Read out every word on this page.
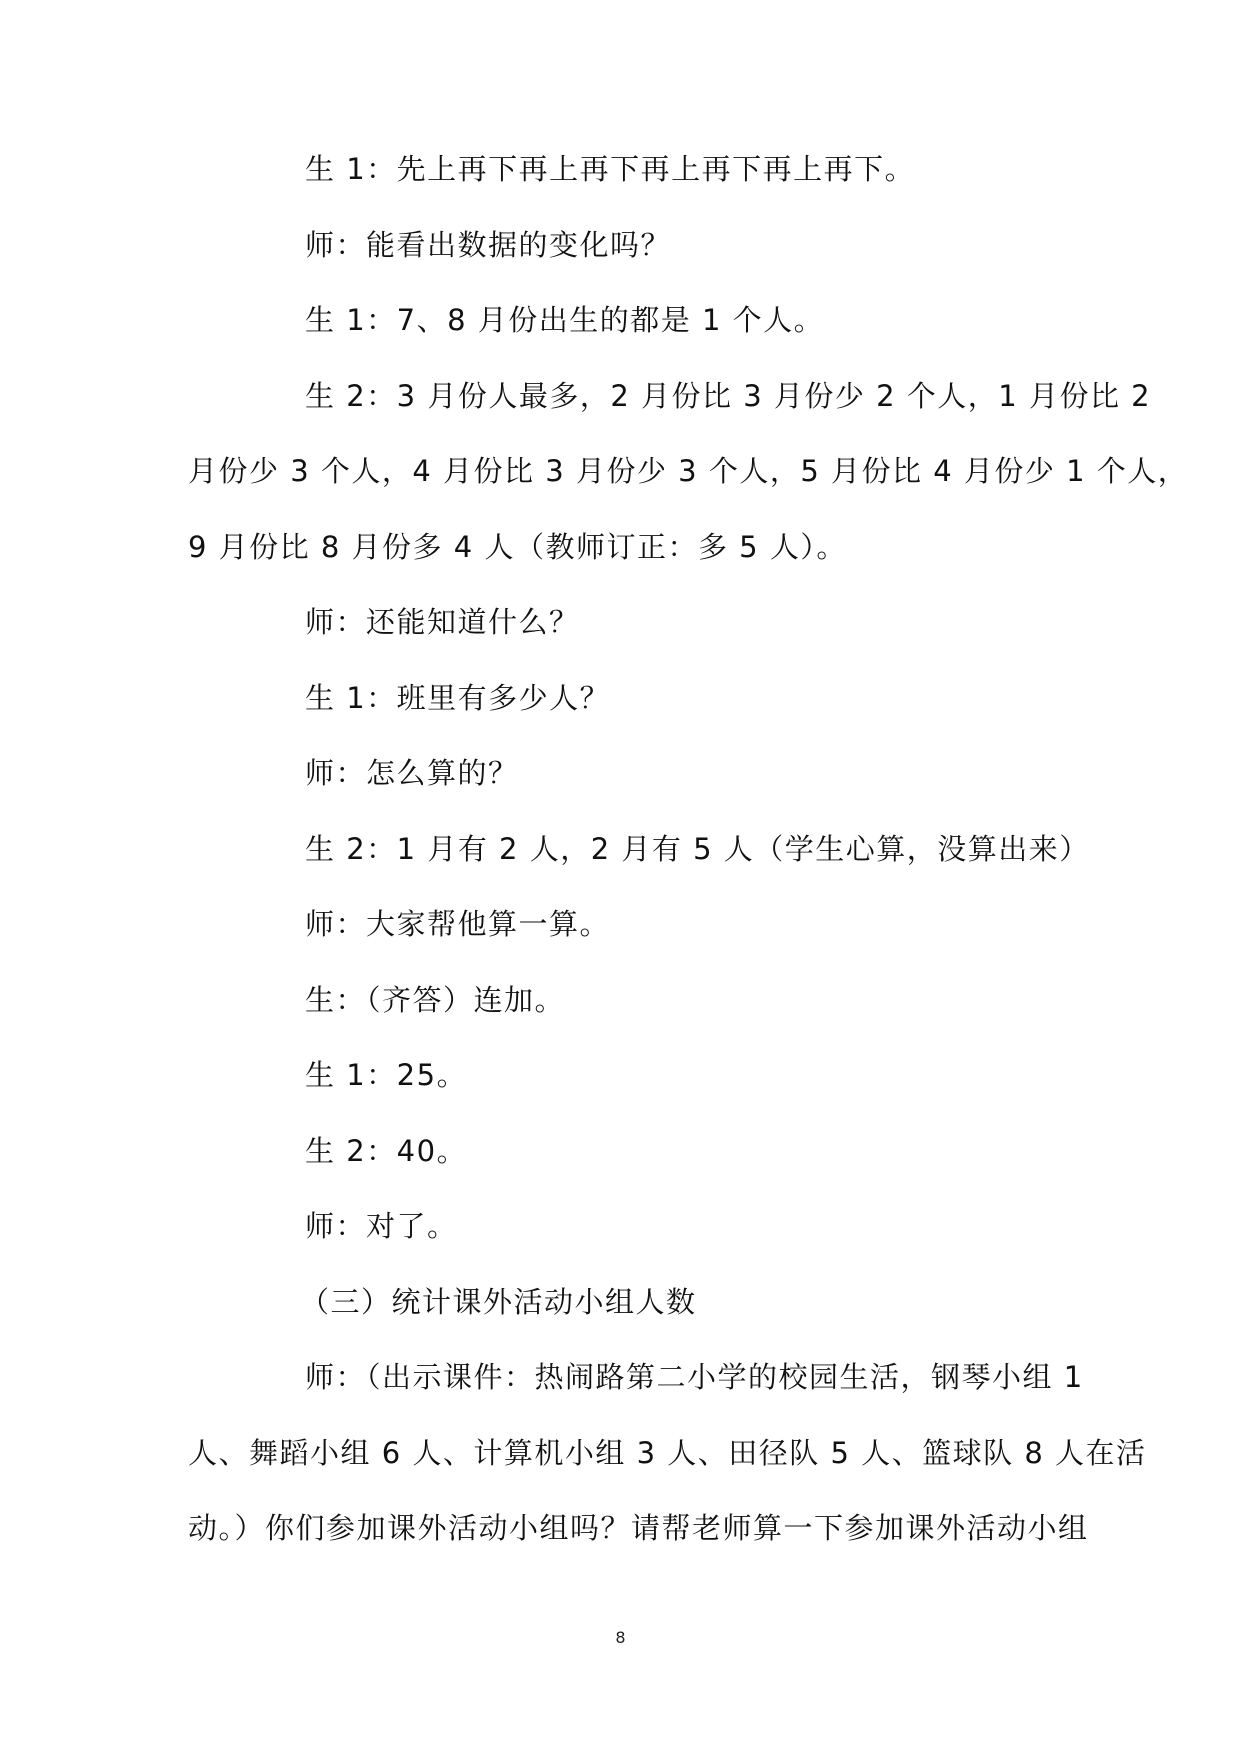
生 1：先上再下再上再下再上再下再上再下。
师：能看出数据的变化吗？
生 1：7、8 月份出生的都是 1 个人。
生 2：3 月份人最多，2 月份比 3 月份少 2 个人，1 月份比 2
月份少 3 个人，4 月份比 3 月份少 3 个人，5 月份比 4 月份少 1 个人，
9 月份比 8 月份多 4 人（教师订正：多 5 人）。
师：还能知道什么？
生 1：班里有多少人？
师：怎么算的？
生 2：1 月有 2 人，2 月有 5 人（学生心算，没算出来）
师：大家帮他算一算。
生：（齐答）连加。
生 1：25。
生 2：40。
师：对了。
（三）统计课外活动小组人数
师：（出示课件：热闹路第二小学的校园生活，钢琴小组 1
人、舞蹈小组 6 人、计算机小组 3 人、田径队 5 人、篮球队 8 人在活
动。）你们参加课外活动小组吗？请帮老师算一下参加课外活动小组
8
